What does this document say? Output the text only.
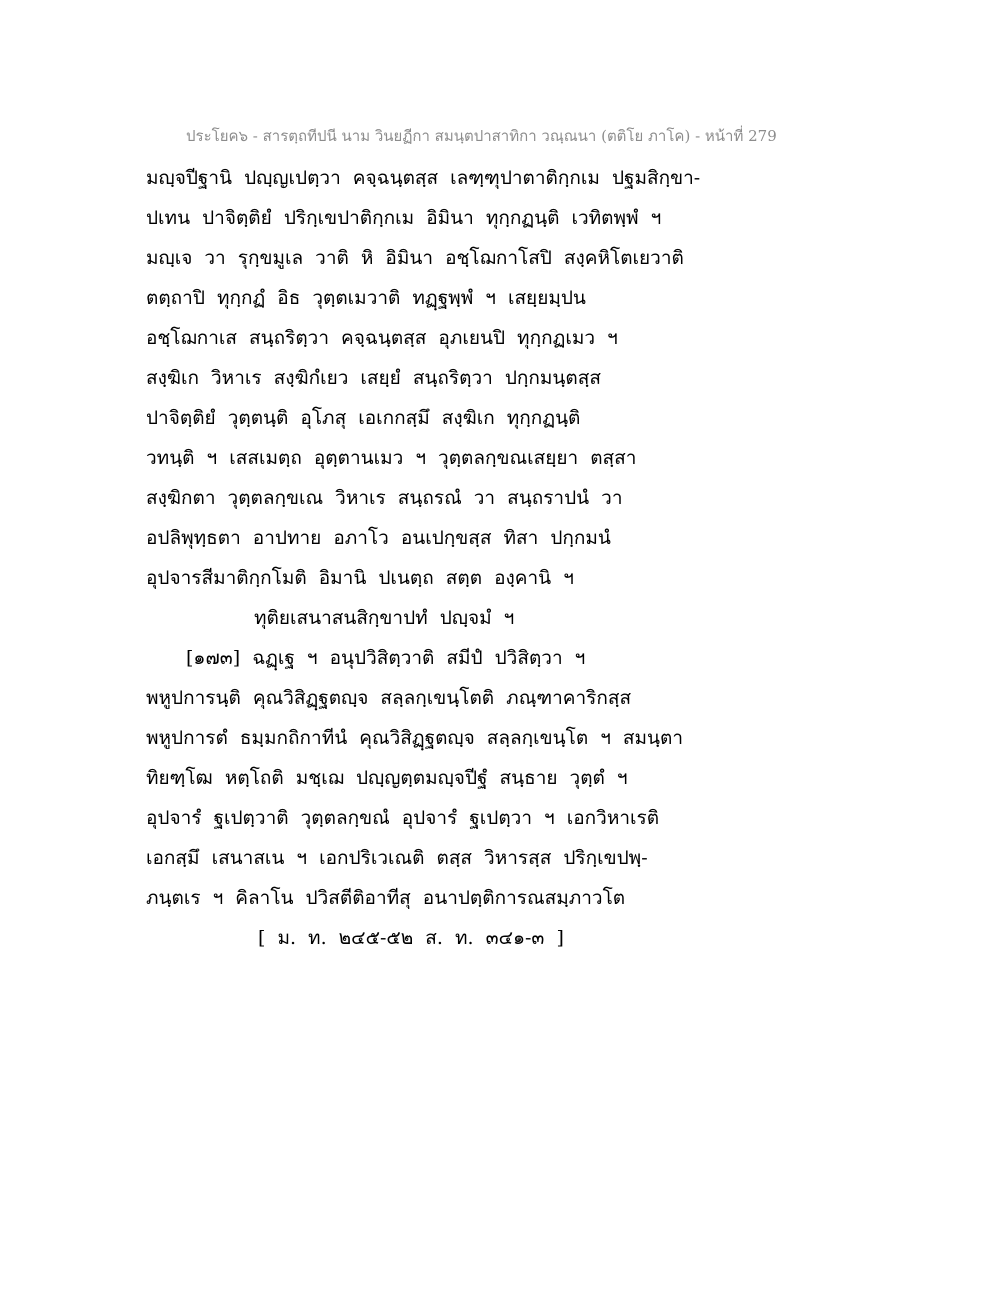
ประโยค๖ - สารตฺถทีปนี นาม วินยฏีกา สมนฺตปาสาทิกา วณฺณนา (ตติโย ภาโค) - หน้าที่ 279
มญฺจปีฐานิ ปญฺญเปตฺวา คจฺฉนฺตสฺส เลฑฺฑุปาตาติกฺกเม ปฐมสิกฺขา-
ปเทน ปาจิตฺติยํ ปริกฺเขปาติกฺกเม อิมินา ทุกฺกฏนฺติ เวทิตพฺพํ ฯ
มญฺเจ วา รุกฺขมูเล วาติ หิ อิมินา อชฺโฌกาโสปิ สงฺคหิโตเยวาติ
ตตฺถาปิ ทุกฺกฏํ อิธ วุตฺตเมวาติ ทฏฺฐพฺพํ ฯ เสยฺยมฺปน
อชฺโฌกาเส สนฺถริตฺวา คจฺฉนฺตสฺส อุภเยนปิ ทุกฺกฏเมว ฯ
สงฺฆิเก วิหาเร สงฺฆิกํเยว เสยฺยํ สนฺถริตฺวา ปกฺกมนฺตสฺส
ปาจิตฺติยํ วุตฺตนฺติ อุโภสุ เอเกกสฺมึ สงฺฆิเก ทุกฺกฏนฺติ
วทนฺติ ฯ เสสเมตฺถ อุตฺตานเมว ฯ วุตฺตลกฺขณเสยฺยา ตสฺสา
สงฺฆิกตา วุตฺตลกฺขเณ วิหาเร สนฺถรณํ วา สนฺถราปนํ วา
อปลิพุทฺธตา อาปทาย อภาโว อนเปกฺขสฺส ทิสา ปกฺกมนํ
อุปจารสีมาติกฺกโมติ อิมานิ ปเนตฺถ สตฺต องฺคานิ ฯ
ทุติยเสนาสนสิกฺขาปทํ ปญฺจมํ ฯ
[๑๗๓] ฉฏฺเฐ ฯ อนุปวิสิตฺวาติ สมีปํ ปวิสิตฺวา ฯ
พหูปการนฺติ คุณวิสิฏฺฐตญฺจ สลฺลกฺเขนฺโตติ ภณฺฑาคาริกสฺส
พหูปการตํ ธมฺมกถิกาทีนํ คุณวิสิฏฺฐตญฺจ สลฺลกฺเขนฺโต ฯ สมนฺตา
ทิยฑฺโฒ หตฺโถติ มชฺเฌ ปญฺญตฺตมญฺจปีฐํ สนฺธาย วุตฺตํ ฯ
อุปจารํ ฐเปตฺวาติ วุตฺตลกฺขณํ อุปจารํ ฐเปตฺวา ฯ เอกวิหาเรติ
เอกสฺมึ เสนาสเน ฯ เอกปริเวเณติ ตสฺส วิหารสฺส ปริกฺเขปพฺ-
ภนฺตเร ฯ คิลาโน ปวิสตีติอาทีสุ อนาปตฺติการณสมฺภาวโต
[ ม. ท. ๒๔๕-๕๒ ส. ท. ๓๔๑-๓ ]
